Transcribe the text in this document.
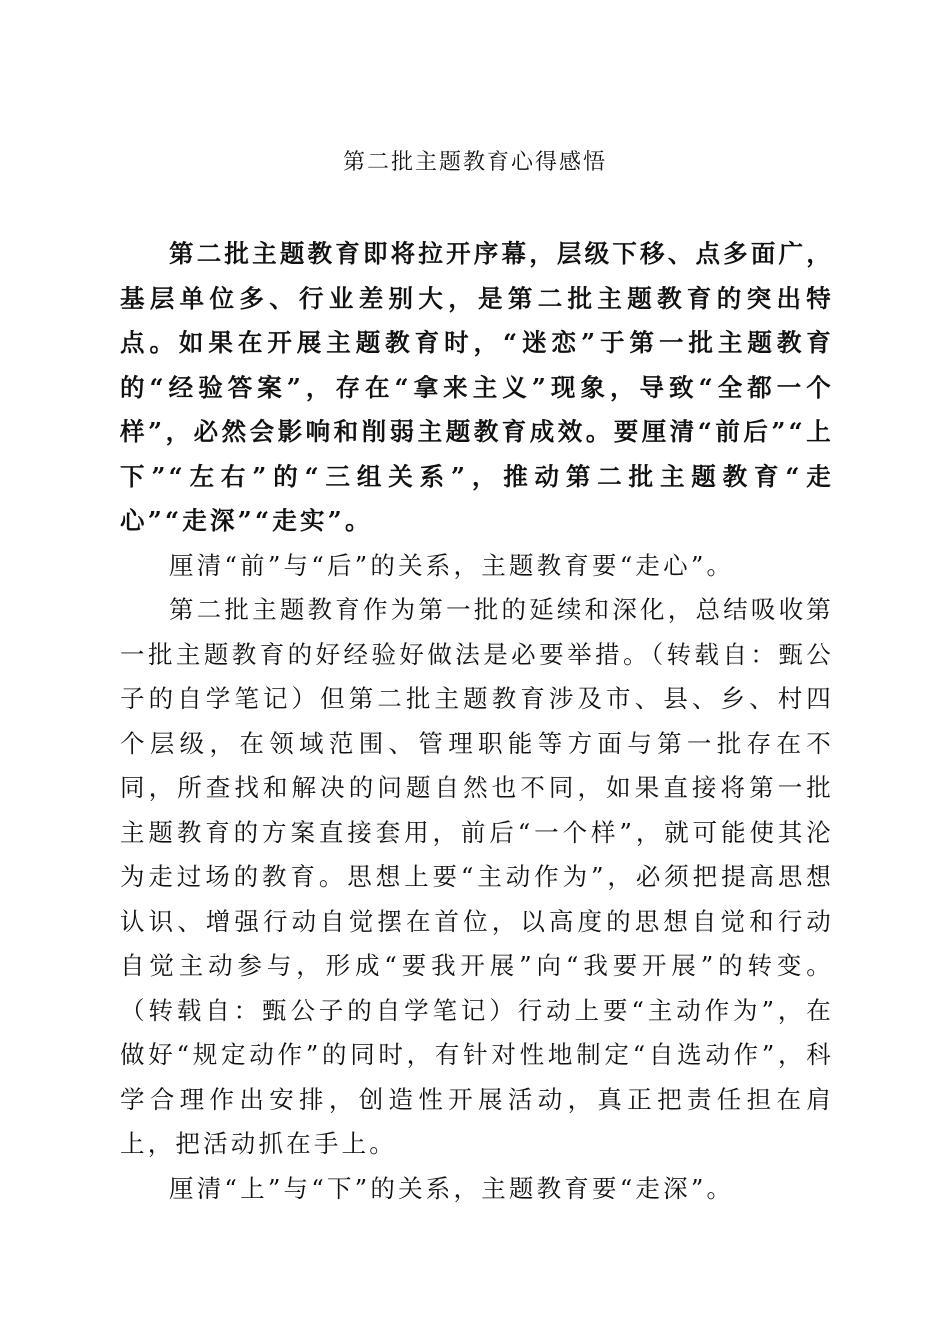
第二批主题教育心得感悟

第二批主题教育即将拉开序幕，层级下移、点多面广，基层单位多、行业差别大，是第二批主题教育的突出特点。如果在开展主题教育时，“迷恋”于第一批主题教育的“经验答案”，存在“拿来主义”现象，导致“全都一个样”，必然会影响和削弱主题教育成效。要厘清“前后”“上下”“左右”的“三组关系”，推动第二批主题教育“走心”“走深”“走实”。

厘清“前”与“后”的关系，主题教育要“走心”。

第二批主题教育作为第一批的延续和深化，总结吸收第一批主题教育的好经验好做法是必要举措。（转载自：甄公子的自学笔记）但第二批主题教育涉及市、县、乡、村四个层级，在领域范围、管理职能等方面与第一批存在不同，所查找和解决的问题自然也不同，如果直接将第一批主题教育的方案直接套用，前后“一个样”，就可能使其沦为走过场的教育。思想上要“主动作为”，必须把提高思想认识、增强行动自觉摆在首位，以高度的思想自觉和行动自觉主动参与，形成“要我开展”向“我要开展”的转变。（转载自：甄公子的自学笔记）行动上要“主动作为”，在做好“规定动作”的同时，有针对性地制定“自选动作”，科学合理作出安排，创造性开展活动，真正把责任担在肩上，把活动抓在手上。

厘清“上”与“下”的关系，主题教育要“走深”。
